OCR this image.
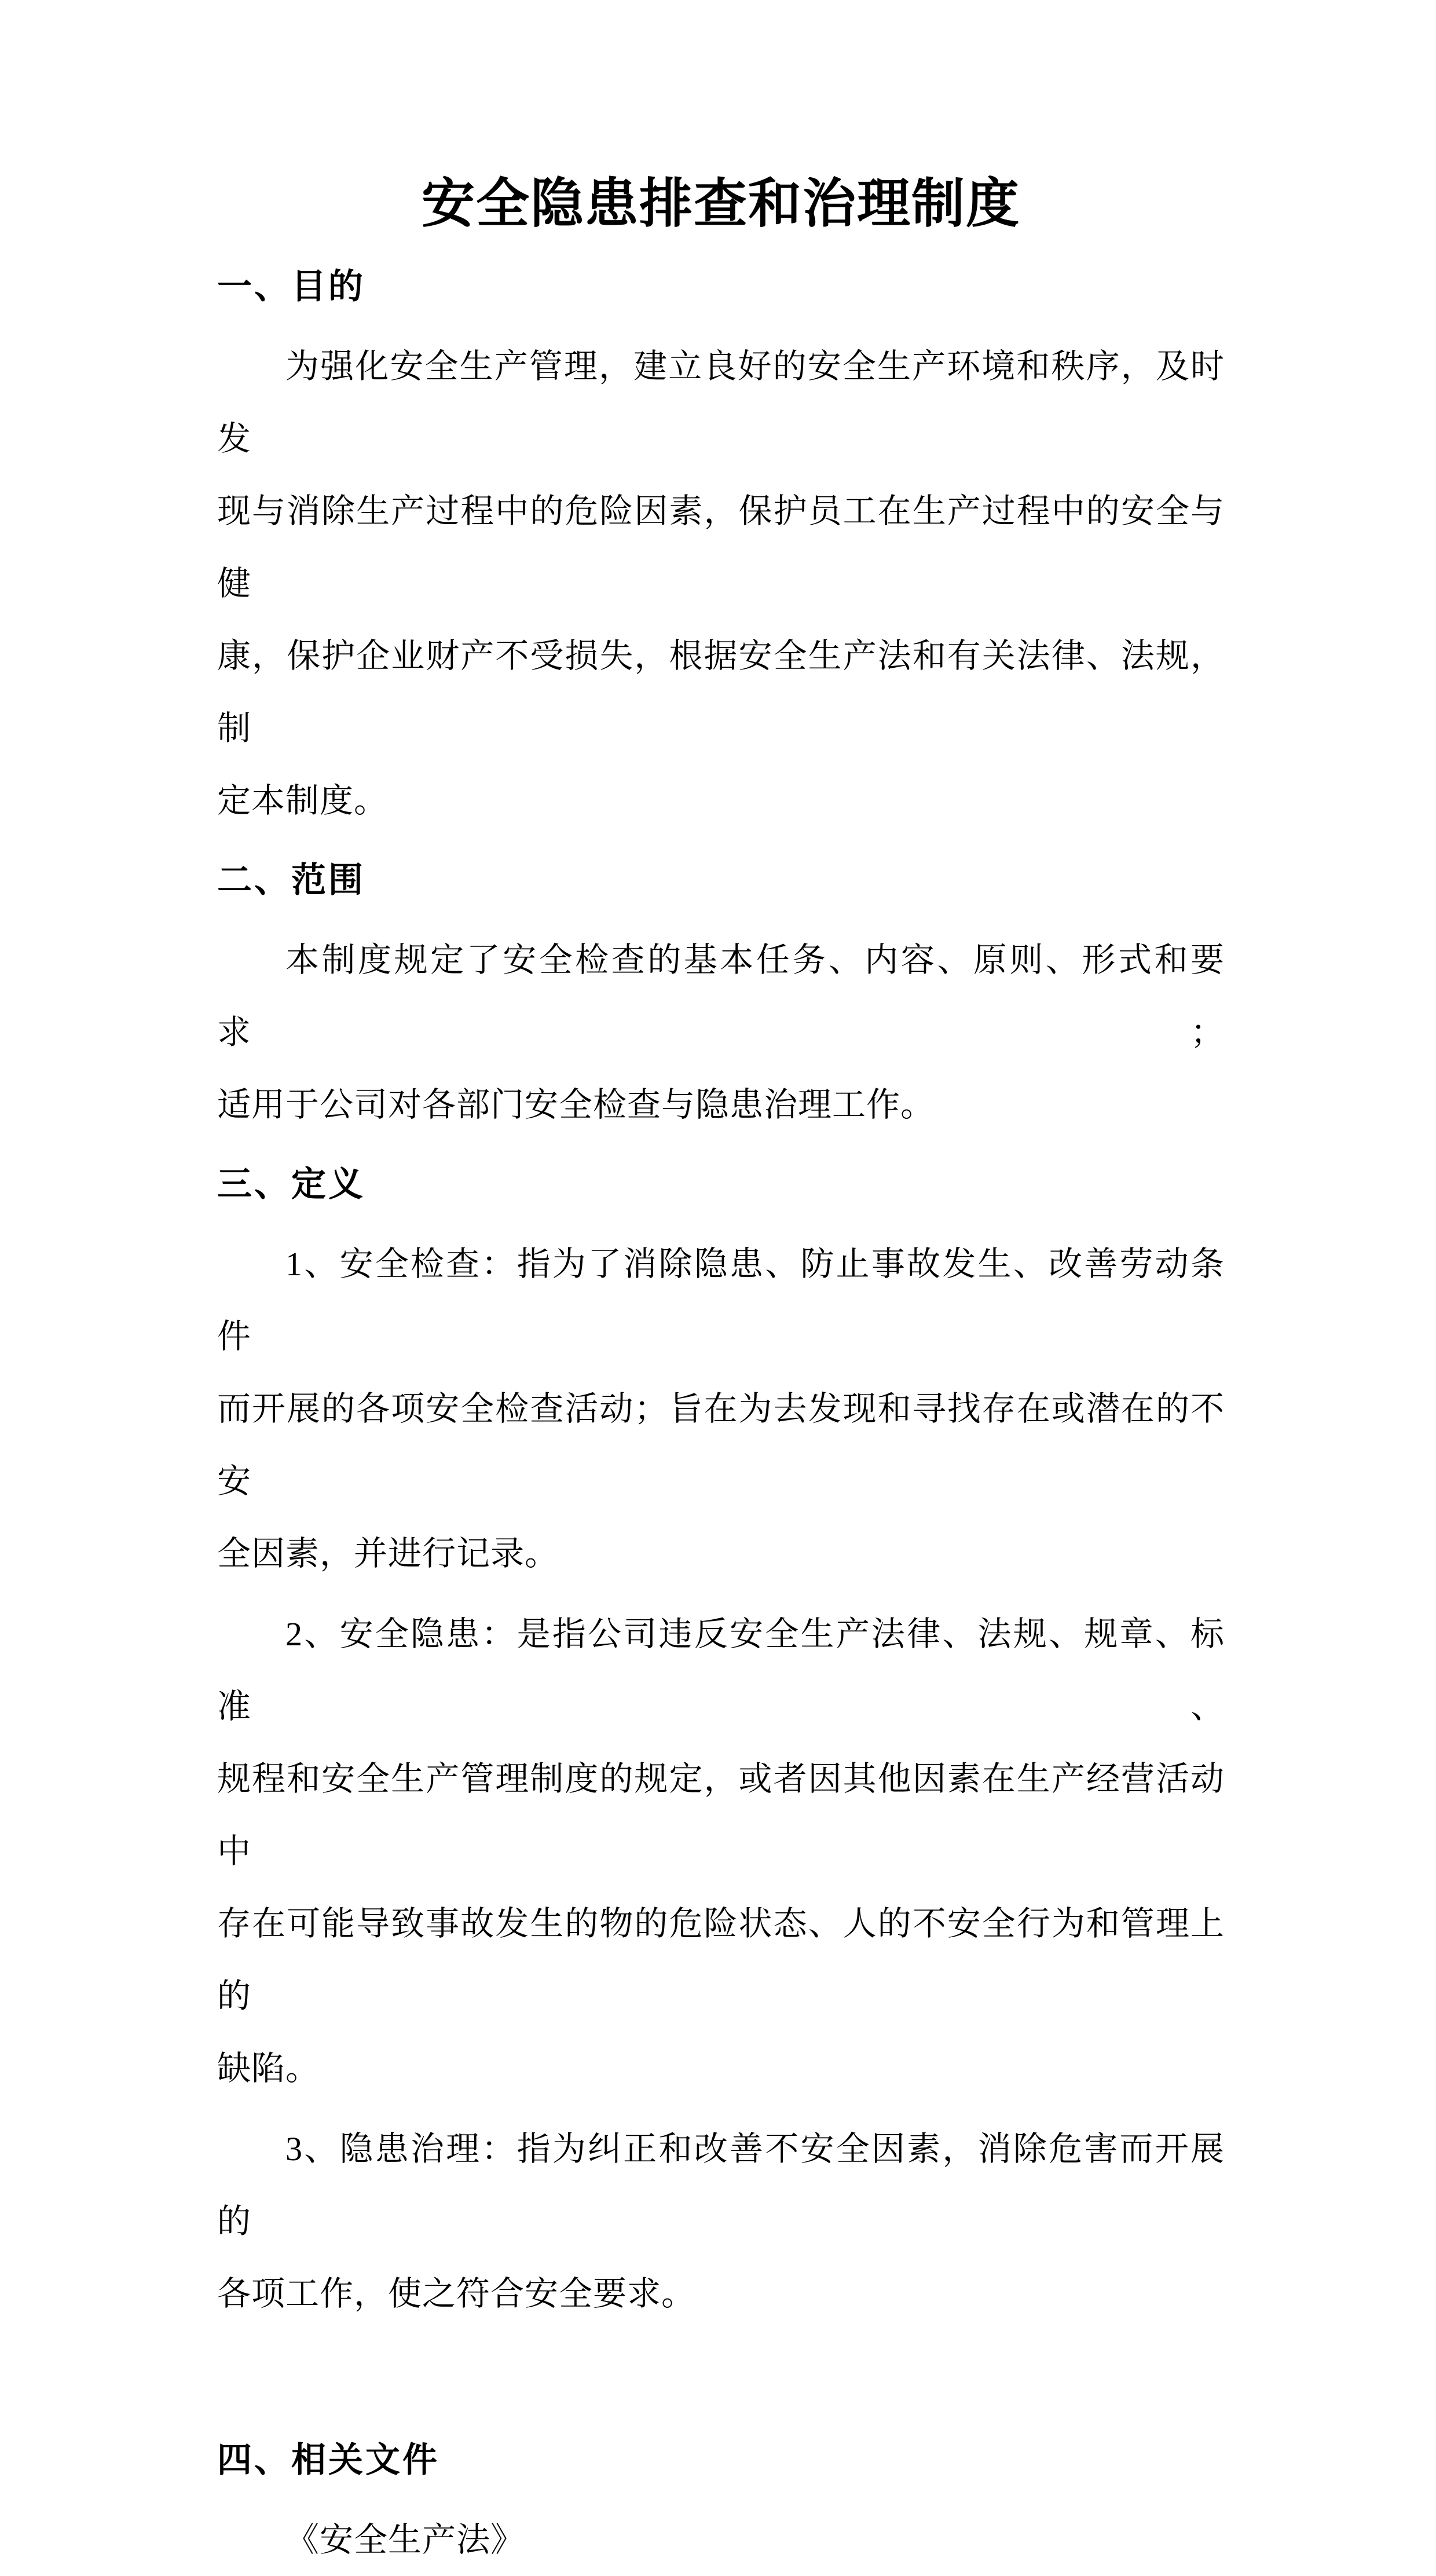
安全隐患排查和治理制度
一、目的
为强化安全生产管理，建立良好的安全生产环境和秩序，及时发
现与消除生产过程中的危险因素，保护员工在生产过程中的安全与健
康，保护企业财产不受损失，根据安全生产法和有关法律、法规，制
定本制度。
二、范围
本制度规定了安全检查的基本任务、内容、原则、形式和要求；
适用于公司对各部门安全检查与隐患治理工作。
三、定义
1、安全检查：指为了消除隐患、防止事故发生、改善劳动条件
而开展的各项安全检查活动；旨在为去发现和寻找存在或潜在的不安
全因素，并进行记录。
2、安全隐患：是指公司违反安全生产法律、法规、规章、标准、
规程和安全生产管理制度的规定，或者因其他因素在生产经营活动中
存在可能导致事故发生的物的危险状态、人的不安全行为和管理上的
缺陷。
3、隐患治理：指为纠正和改善不安全因素，消除危害而开展的
各项工作，使之符合安全要求。
四、相关文件
《安全生产法》
